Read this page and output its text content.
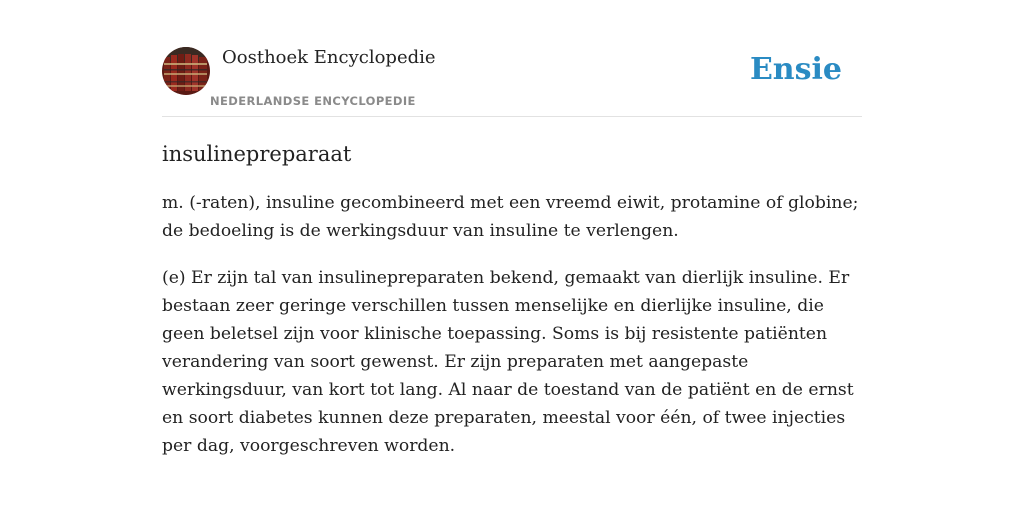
Oosthoek Encyclopedie
NEDERLANDSE ENCYCLOPEDIE
Ensie
insulinepreparaat

m. (-raten), insuline gecombineerd met een vreemd eiwit, protamine of globine; de bedoeling is de werkingsduur van insuline te verlengen.

(e) Er zijn tal van insulinepreparaten bekend, gemaakt van dierlijk insuline. Er bestaan zeer geringe verschillen tussen menselijke en dierlijke insuline, die geen beletsel zijn voor klinische toepassing. Soms is bij resistente patiënten verandering van soort gewenst. Er zijn preparaten met aangepaste werkingsduur, van kort tot lang. Al naar de toestand van de patiënt en de ernst en soort diabetes kunnen deze preparaten, meestal voor één, of twee injecties per dag, voorgeschreven worden.
